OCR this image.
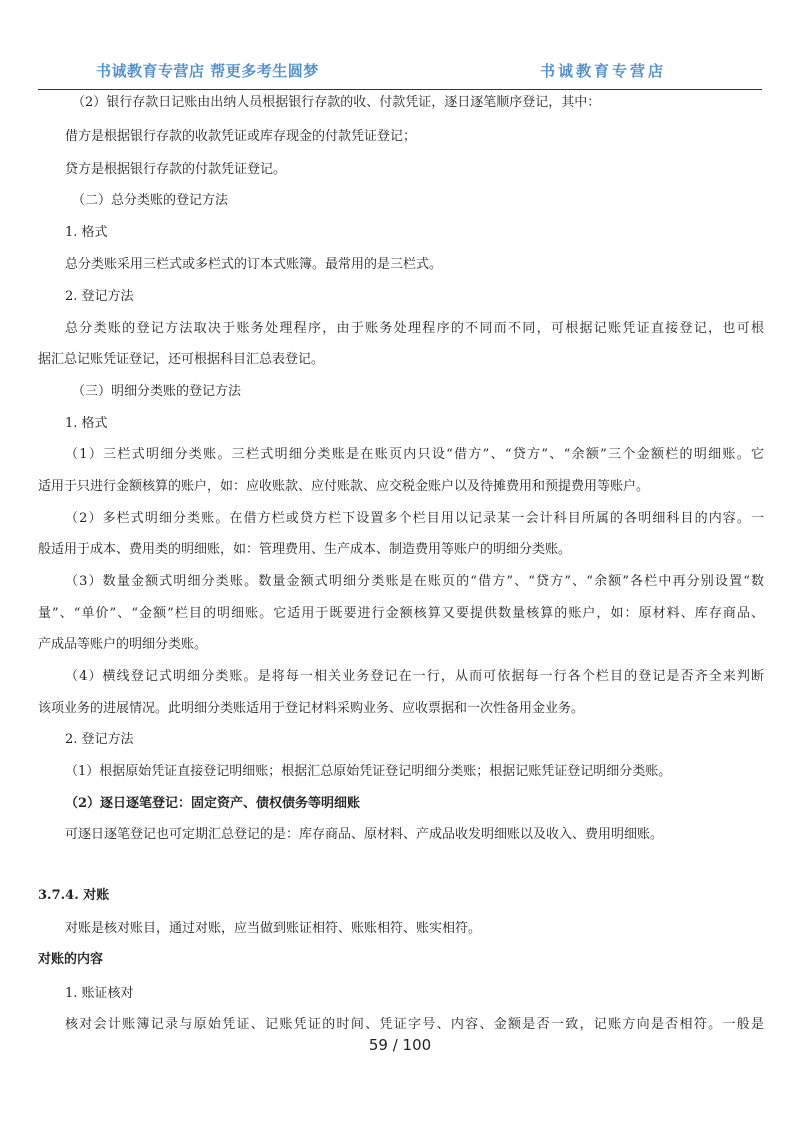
书诚教育专营店 帮更多考生圆梦	书诚教育专营店
（2）银行存款日记账由出纳人员根据银行存款的收、付款凭证，逐日逐笔顺序登记，其中：
借方是根据银行存款的收款凭证或库存现金的付款凭证登记；
贷方是根据银行存款的付款凭证登记。
（二）总分类账的登记方法
1. 格式
总分类账采用三栏式或多栏式的订本式账簿。最常用的是三栏式。
2. 登记方法
总分类账的登记方法取决于账务处理程序，由于账务处理程序的不同而不同，可根据记账凭证直接登记，也可根
据汇总记账凭证登记，还可根据科目汇总表登记。
（三）明细分类账的登记方法
1. 格式
（1）三栏式明细分类账。三栏式明细分类账是在账页内只设“借方”、“贷方”、“余额”三个金额栏的明细账。它
适用于只进行金额核算的账户，如：应收账款、应付账款、应交税金账户以及待摊费用和预提费用等账户。
（2）多栏式明细分类账。在借方栏或贷方栏下设置多个栏目用以记录某一会计科目所属的各明细科目的内容。一
般适用于成本、费用类的明细账，如：管理费用、生产成本、制造费用等账户的明细分类账。
（3）数量金额式明细分类账。数量金额式明细分类账是在账页的“借方”、“贷方”、“余额”各栏中再分别设置“数
量”、“单价”、“金额”栏目的明细账。它适用于既要进行金额核算又要提供数量核算的账户，如：原材料、库存商品、
产成品等账户的明细分类账。
（4）横线登记式明细分类账。是将每一相关业务登记在一行，从而可依据每一行各个栏目的登记是否齐全来判断
该项业务的进展情况。此明细分类账适用于登记材料采购业务、应收票据和一次性备用金业务。
2. 登记方法
（1）根据原始凭证直接登记明细账；根据汇总原始凭证登记明细分类账；根据记账凭证登记明细分类账。
（2）逐日逐笔登记：固定资产、债权债务等明细账
可逐日逐笔登记也可定期汇总登记的是：库存商品、原材料、产成品收发明细账以及收入、费用明细账。
3.7.4. 对账
对账是核对账目，通过对账，应当做到账证相符、账账相符、账实相符。
对账的内容
1. 账证核对
核对会计账簿记录与原始凭证、记账凭证的时间、凭证字号、内容、金额是否一致，记账方向是否相符。一般是
59 / 100
